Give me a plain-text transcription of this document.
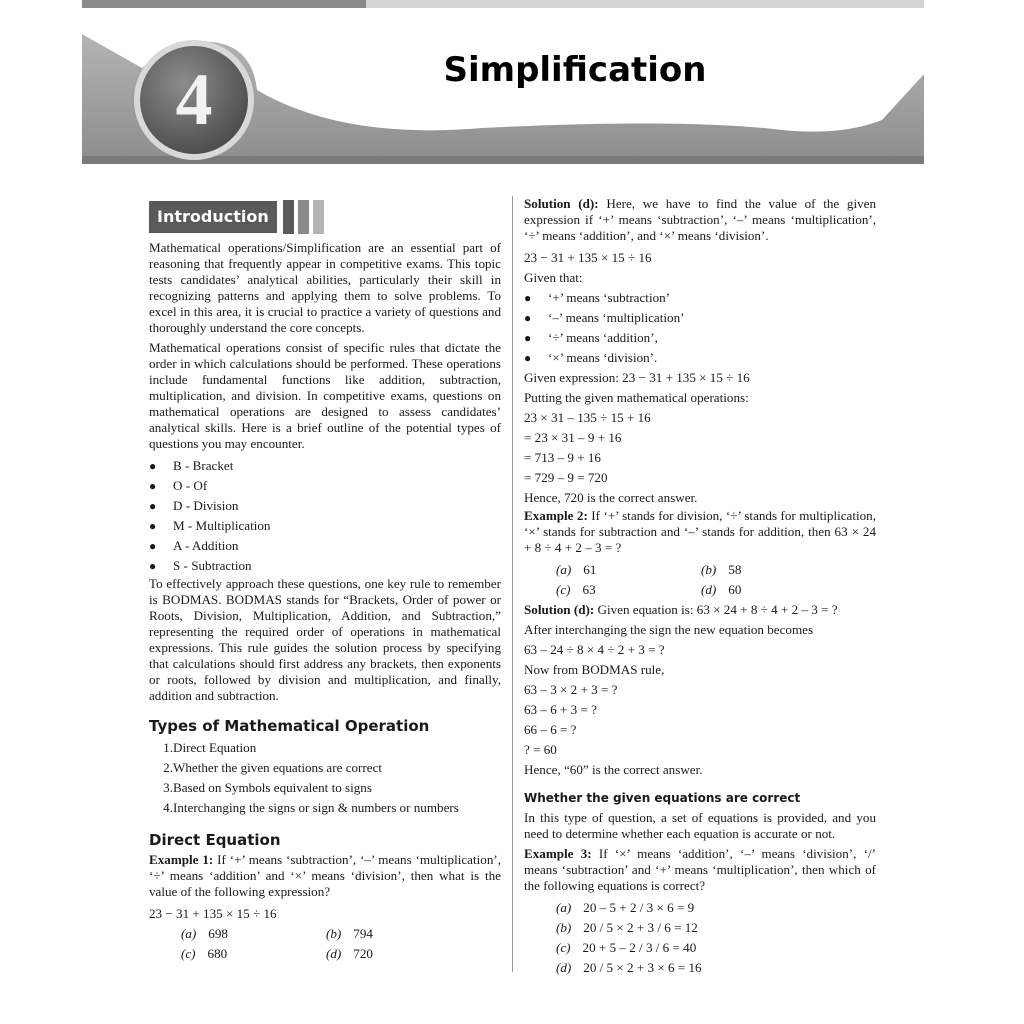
4	Simplification
Introduction

Mathematical operations/Simplification are an essential part of reasoning that frequently appear in competitive exams. This topic tests candidates’ analytical abilities, particularly their skill in recognizing patterns and applying them to solve problems. To excel in this area, it is crucial to practice a variety of questions and thoroughly understand the core concepts.

Mathematical operations consist of specific rules that dictate the order in which calculations should be performed. These operations include fundamental functions like addition, subtraction, multiplication, and division. In competitive exams, questions on mathematical operations are designed to assess candidates’ analytical skills. Here is a brief outline of the potential types of questions you may encounter.

●	B - Bracket
●	O - Of
●	D - Division
●	M - Multiplication
●	A - Addition
●	S - Subtraction

To effectively approach these questions, one key rule to remember is BODMAS. BODMAS stands for “Brackets, Order of power or Roots, Division, Multiplication, Addition, and Subtraction,” representing the required order of operations in mathematical expressions. This rule guides the solution process by specifying that calculations should first address any brackets, then exponents or roots, followed by division and multiplication, and finally, addition and subtraction.

Types of Mathematical Operation
1. Direct Equation
2. Whether the given equations are correct
3. Based on Symbols equivalent to signs
4. Interchanging the signs or sign & numbers or numbers
Direct Equation

Example 1: If ‘+’ means ‘subtraction’, ‘–’ means ‘multiplication’, ‘÷’ means ‘addition’ and ‘×’ means ‘division’, then what is the value of the following expression?

23 − 31 + 135 × 15 ÷ 16
(a) 698	(b) 794
(c) 680	(d) 720

Solution (d): Here, we have to find the value of the given expression if ‘+’ means ‘subtraction’, ‘–’ means ‘multiplication’, ‘÷’ means ‘addition’, and ‘×’ means ‘division’.

23 − 31 + 135 × 15 ÷ 16
Given that:
●	‘+’ means ‘subtraction’
●	‘–’ means ‘multiplication’
●	‘÷’ means ‘addition’,
●	‘×’ means ‘division’.
Given expression: 23 − 31 + 135 × 15 ÷ 16
Putting the given mathematical operations:
23 × 31 – 135 ÷ 15 + 16
= 23 × 31 – 9 + 16
= 713 – 9 + 16
= 729 – 9 = 720
Hence, 720 is the correct answer.

Example 2: If ‘+’ stands for division, ‘÷’ stands for multiplication, ‘×’ stands for subtraction and ‘–’ stands for addition, then 63 × 24 + 8 ÷ 4 + 2 – 3 = ?

(a) 61	(b) 58
(c) 63	(d) 60
Solution (d): Given equation is: 63 × 24 + 8 ÷ 4 + 2 – 3 = ?
After interchanging the sign the new equation becomes
63 – 24 ÷ 8 × 4 ÷ 2 + 3 = ?
Now from BODMAS rule,
63 – 3 × 2 + 3 = ?
63 – 6 + 3 = ?
66 – 6 = ?
? = 60
Hence, “60” is the correct answer.
Whether the given equations are correct

In this type of question, a set of equations is provided, and you need to determine whether each equation is accurate or not.

Example 3: If ‘×’ means ‘addition’, ‘–’ means ‘division’, ‘/’ means ‘subtraction’ and ‘+’ means ‘multiplication’, then which of the following equations is correct?

(a) 20 – 5 + 2 / 3 × 6 = 9
(b) 20 / 5 × 2 + 3 / 6 = 12
(c) 20 + 5 – 2 / 3 / 6 = 40
(d) 20 / 5 × 2 + 3 × 6 = 16
